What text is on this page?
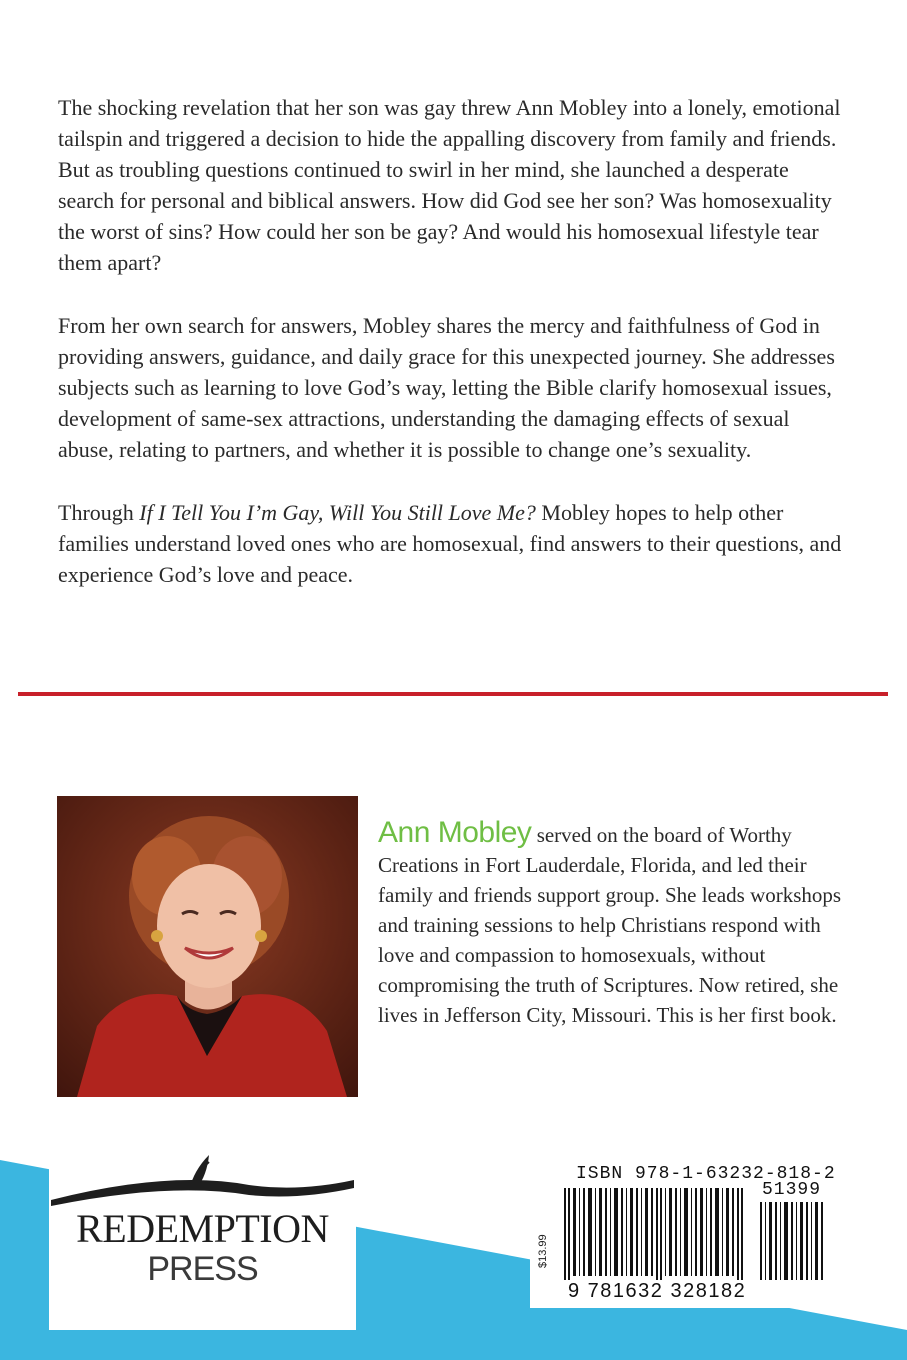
The shocking revelation that her son was gay threw Ann Mobley into a lonely, emotional tailspin and triggered a decision to hide the appalling discovery from family and friends. But as troubling questions continued to swirl in her mind, she launched a desperate search for personal and biblical answers. How did God see her son? Was homosexuality the worst of sins? How could her son be gay? And would his homosexual lifestyle tear them apart?

From her own search for answers, Mobley shares the mercy and faithfulness of God in providing answers, guidance, and daily grace for this unexpected journey. She addresses subjects such as learning to love God’s way, letting the Bible clarify homosexual issues, development of same-sex attractions, understanding the damaging effects of sexual abuse, relating to partners, and whether it is possible to change one’s sexuality.

Through If I Tell You I’m Gay, Will You Still Love Me? Mobley hopes to help other families understand loved ones who are homosexual, find answers to their questions, and experience God’s love and peace.

Ann Mobley served on the board of Worthy Creations in Fort Lauderdale, Florida, and led their family and friends support group. She leads workshops and training sessions to help Christians respond with love and compassion to homosexuals, without compromising the truth of Scriptures. Now retired, she lives in Jefferson City, Missouri. This is her first book.
REDEMPTION
PRESS
ISBN 978-1-63232-818-2
$13.99
51399
9 781632 328182
